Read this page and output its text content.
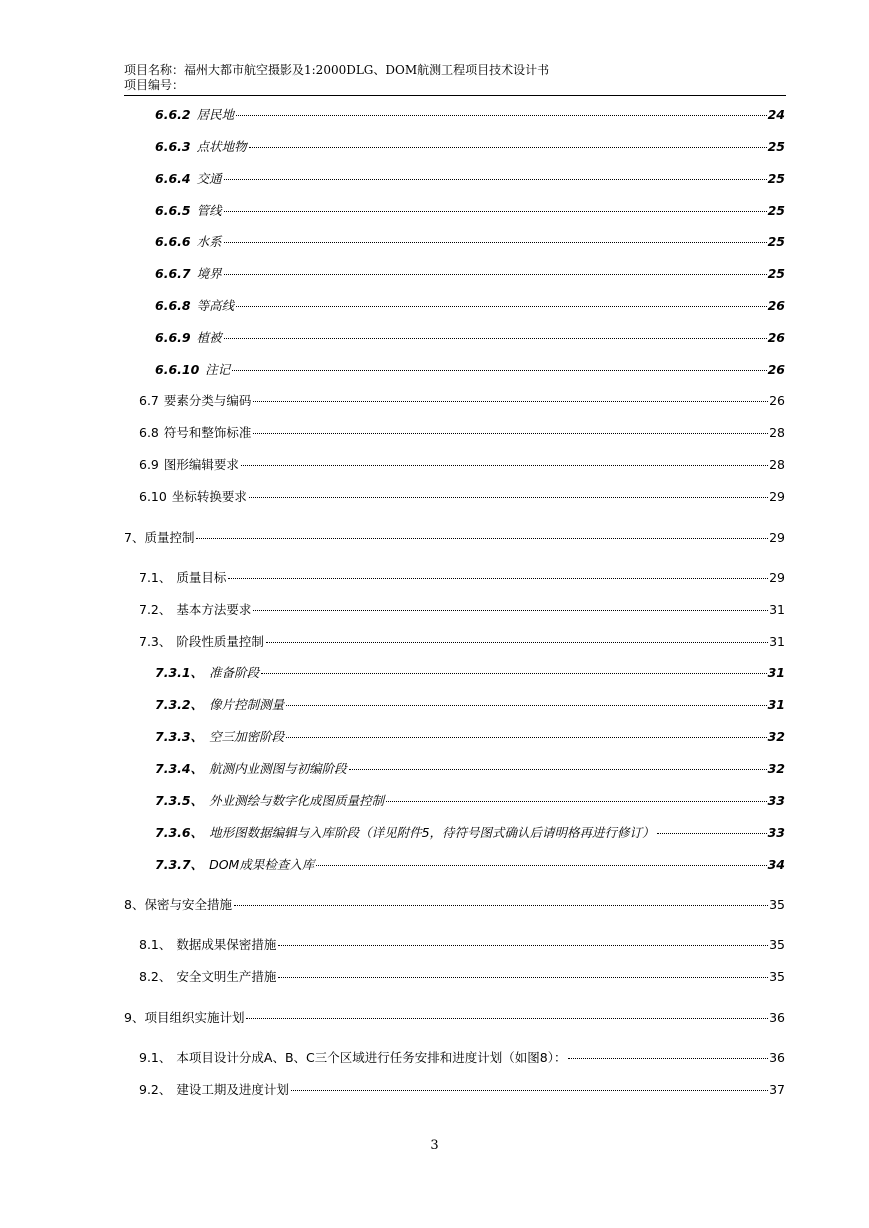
项目名称：福州大都市航空摄影及1:2000DLG、DOM航测工程项目技术设计书
项目编号：
6.6.2 居民地	24
6.6.3 点状地物	25
6.6.4 交通	25
6.6.5 管线	25
6.6.6 水系	25
6.6.7 境界	25
6.6.8 等高线	26
6.6.9 植被	26
6.6.10 注记	26
6.7 要素分类与编码	26
6.8 符号和整饰标准	28
6.9 图形编辑要求	28
6.10 坐标转换要求	29
7、 质量控制	29
7.1、 质量目标	29
7.2、 基本方法要求	31
7.3、 阶段性质量控制	31
7.3.1、 准备阶段	31
7.3.2、 像片控制测量	31
7.3.3、 空三加密阶段	32
7.3.4、 航测内业测图与初编阶段	32
7.3.5、 外业测绘与数字化成图质量控制	33
7.3.6、 地形图数据编辑与入库阶段（详见附件5，待符号图式确认后请明格再进行修订）	33
7.3.7、 DOM成果检查入库	34
8、 保密与安全措施	35
8.1、 数据成果保密措施	35
8.2、 安全文明生产措施	35
9、 项目组织实施计划	36
9.1、 本项目设计分成A、B、C三个区域进行任务安排和进度计划（如图8）：	36
9.2、 建设工期及进度计划	37
3
